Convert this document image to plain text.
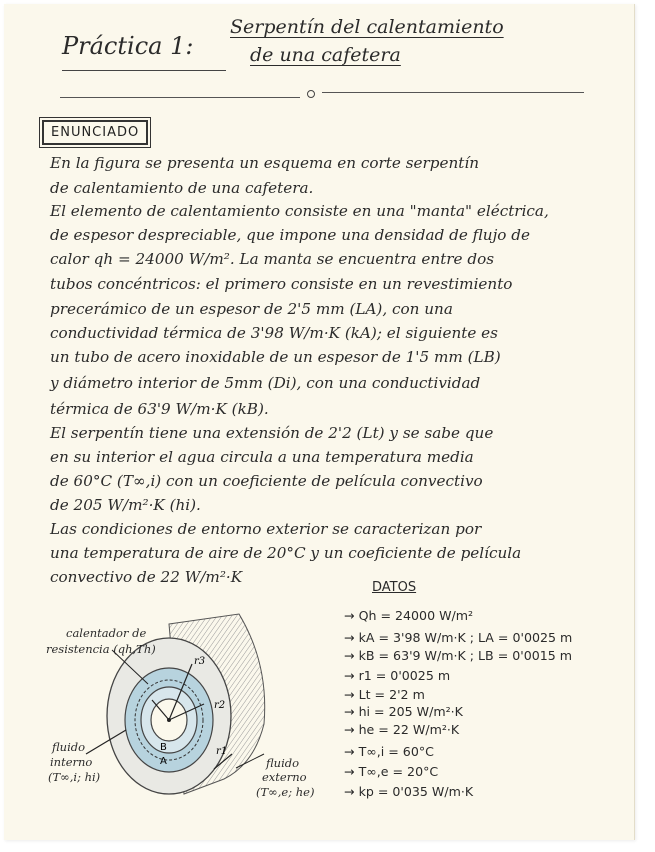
Práctica 1:
Serpentín del calentamiento
de una cafetera
ENUNCIADO
En la figura se presenta un esquema en corte serpentín
de calentamiento de una cafetera.
El elemento de calentamiento consiste en una "manta" eléctrica,
de espesor despreciable, que impone una densidad de flujo de
calor qh = 24000 W/m². La manta se encuentra entre dos
tubos concéntricos: el primero consiste en un revestimiento
precerámico de un espesor de 2'5 mm (LA), con una
conductividad térmica de 3'98 W/m·K (kA); el siguiente es
un tubo de acero inoxidable de un espesor de 1'5 mm (LB)
y diámetro interior de 5mm (Di), con una conductividad
térmica de 63'9 W/m·K (kB).
El serpentín tiene una extensión de 2'2 (Lt) y se sabe que
en su interior el agua circula a una temperatura media
de 60°C (T∞,i) con un coeficiente de película convectivo
de 205 W/m²·K (hi).
Las condiciones de entorno exterior se caracterizan por
una temperatura de aire de 20°C y un coeficiente de película
convectivo de 22 W/m²·K
DATOS
→ Qh = 24000 W/m²
→ kA = 3'98 W/m·K ; LA = 0'0025 m
→ kB = 63'9 W/m·K ; LB = 0'0015 m
→ r1 = 0'0025 m
→ Lt = 2'2 m
→ hi = 205 W/m²·K
→ he = 22 W/m²·K
→ T∞,i = 60°C
→ T∞,e = 20°C
→ kp = 0'035 W/m·K
r3
r2
r1
B
A
calentador de
resistencia (qh,Th)
fluido
interno
(T∞,i; hi)
fluido
externo
(T∞,e; he)
